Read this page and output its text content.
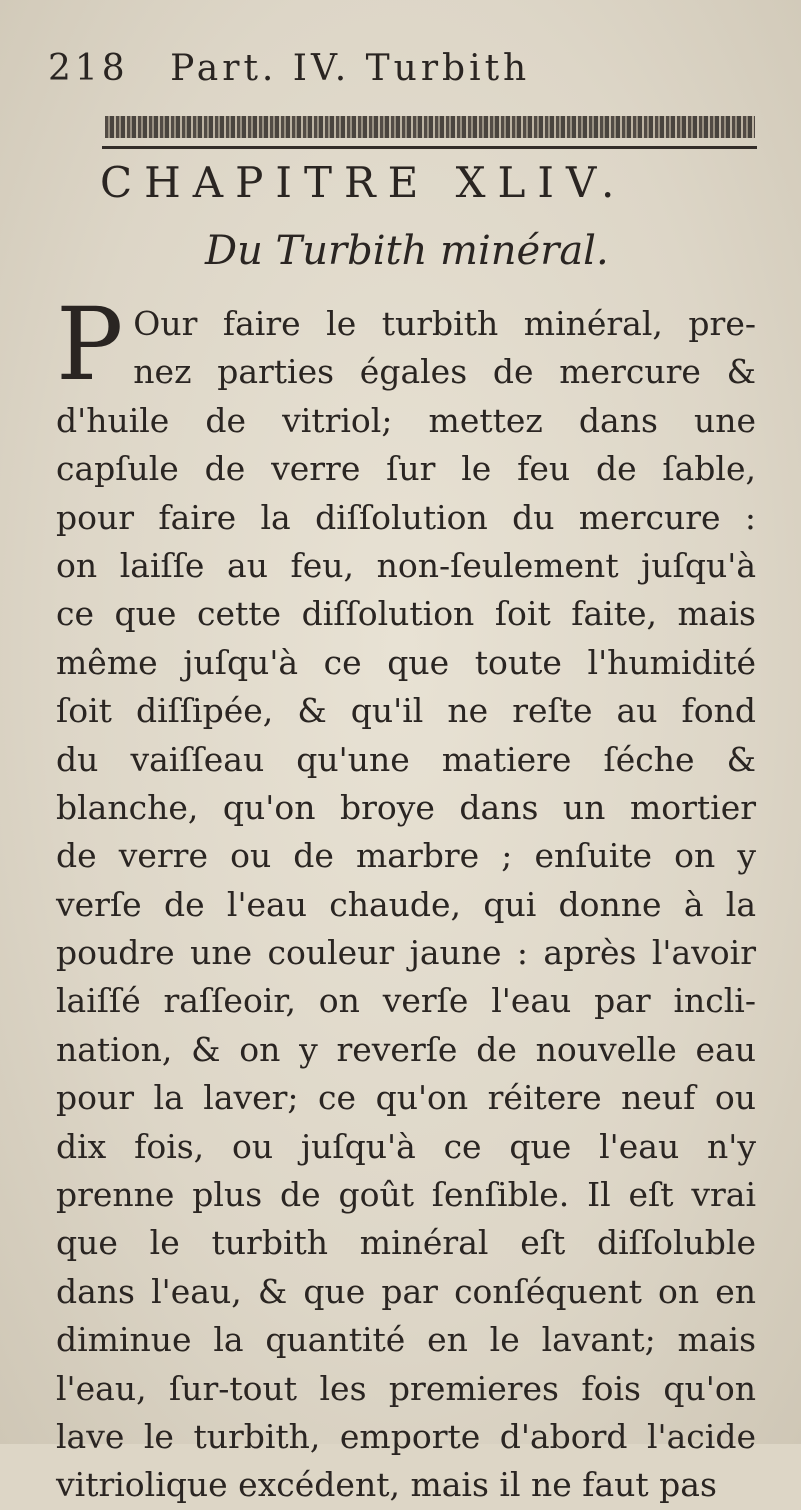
218 Part. IV. Turbith
CHAPITRE XLIV.
Du Turbith minéral.
P Our faire le turbith minéral, pre-
nez parties égales de mercure &
d'huile de vitriol; mettez dans une
capſule de verre ſur le feu de ſable,
pour faire la diſſolution du mercure :
on laiſſe au feu, non-ſeulement juſqu'à
ce que cette diſſolution ſoit faite, mais
même juſqu'à ce que toute l'humidité
ſoit diſſipée, & qu'il ne reſte au fond
du vaiſſeau qu'une matiere ſéche &
blanche, qu'on broye dans un mortier
de verre ou de marbre ; enſuite on y
verſe de l'eau chaude, qui donne à la
poudre une couleur jaune : après l'avoir
laiſſé raſſeoir, on verſe l'eau par incli-
nation, & on y reverſe de nouvelle eau
pour la laver; ce qu'on réitere neuf ou
dix fois, ou juſqu'à ce que l'eau n'y
prenne plus de goût ſenſible. Il eſt vrai
que le turbith minéral eſt diſſoluble
dans l'eau, & que par conſéquent on en
diminue la quantité en le lavant; mais
l'eau, ſur-tout les premieres fois qu'on
lave le turbith, emporte d'abord l'acide
vitriolique excédent, mais il ne faut pas
